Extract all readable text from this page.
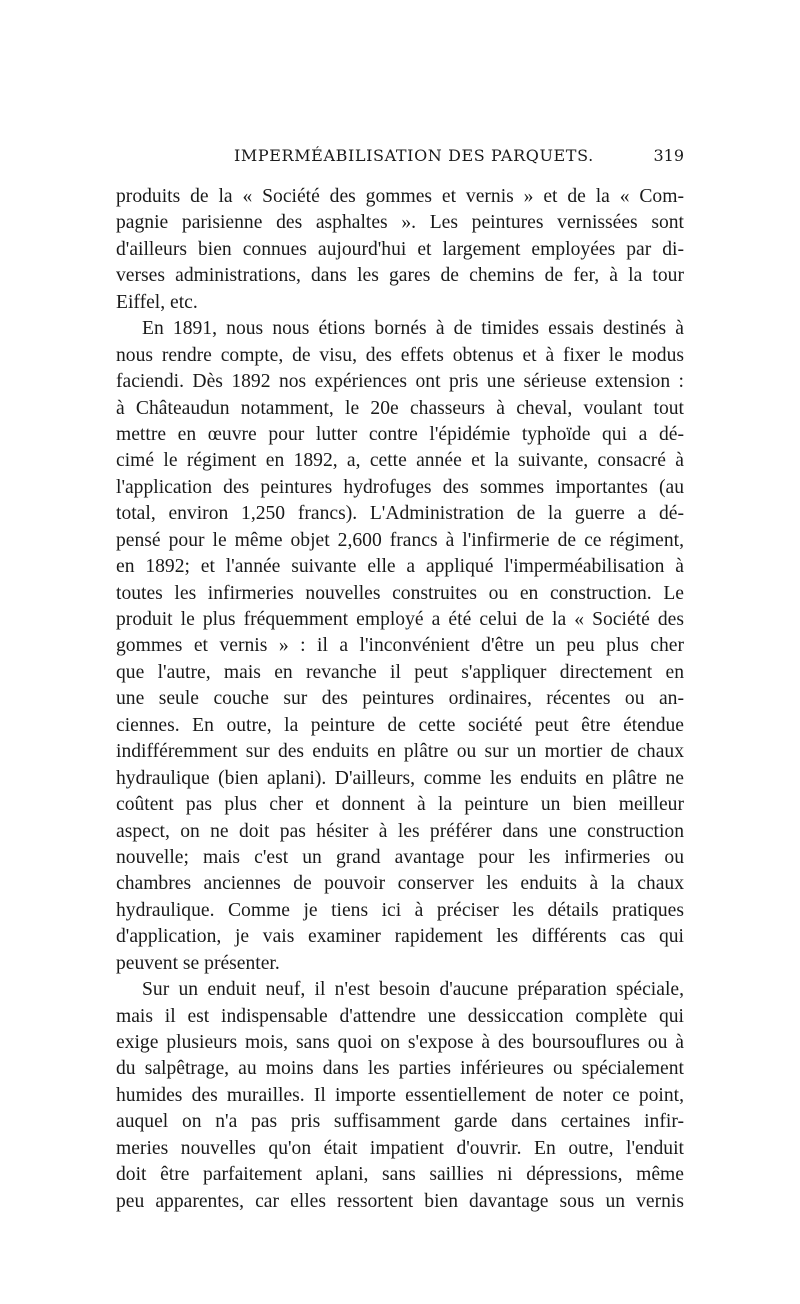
IMPERMÉABILISATION DES PARQUETS.	319
produits de la « Société des gommes et vernis » et de la « Com-
pagnie parisienne des asphaltes ». Les peintures vernissées sont
d'ailleurs bien connues aujourd'hui et largement employées par di-
verses administrations, dans les gares de chemins de fer, à la tour
Eiffel, etc.
En 1891, nous nous étions bornés à de timides essais destinés à
nous rendre compte, de visu, des effets obtenus et à fixer le modus
faciendi. Dès 1892 nos expériences ont pris une sérieuse extension :
à Châteaudun notamment, le 20e chasseurs à cheval, voulant tout
mettre en œuvre pour lutter contre l'épidémie typhoïde qui a dé-
cimé le régiment en 1892, a, cette année et la suivante, consacré à
l'application des peintures hydrofuges des sommes importantes (au
total, environ 1,250 francs). L'Administration de la guerre a dé-
pensé pour le même objet 2,600 francs à l'infirmerie de ce régiment,
en 1892; et l'année suivante elle a appliqué l'imperméabilisation à
toutes les infirmeries nouvelles construites ou en construction. Le
produit le plus fréquemment employé a été celui de la « Société des
gommes et vernis » : il a l'inconvénient d'être un peu plus cher
que l'autre, mais en revanche il peut s'appliquer directement en
une seule couche sur des peintures ordinaires, récentes ou an-
ciennes. En outre, la peinture de cette société peut être étendue
indifféremment sur des enduits en plâtre ou sur un mortier de chaux
hydraulique (bien aplani). D'ailleurs, comme les enduits en plâtre ne
coûtent pas plus cher et donnent à la peinture un bien meilleur
aspect, on ne doit pas hésiter à les préférer dans une construction
nouvelle; mais c'est un grand avantage pour les infirmeries ou
chambres anciennes de pouvoir conserver les enduits à la chaux
hydraulique. Comme je tiens ici à préciser les détails pratiques
d'application, je vais examiner rapidement les différents cas qui
peuvent se présenter.
Sur un enduit neuf, il n'est besoin d'aucune préparation spéciale,
mais il est indispensable d'attendre une dessiccation complète qui
exige plusieurs mois, sans quoi on s'expose à des boursouflures ou à
du salpêtrage, au moins dans les parties inférieures ou spécialement
humides des murailles. Il importe essentiellement de noter ce point,
auquel on n'a pas pris suffisamment garde dans certaines infir-
meries nouvelles qu'on était impatient d'ouvrir. En outre, l'enduit
doit être parfaitement aplani, sans saillies ni dépressions, même
peu apparentes, car elles ressortent bien davantage sous un vernis
